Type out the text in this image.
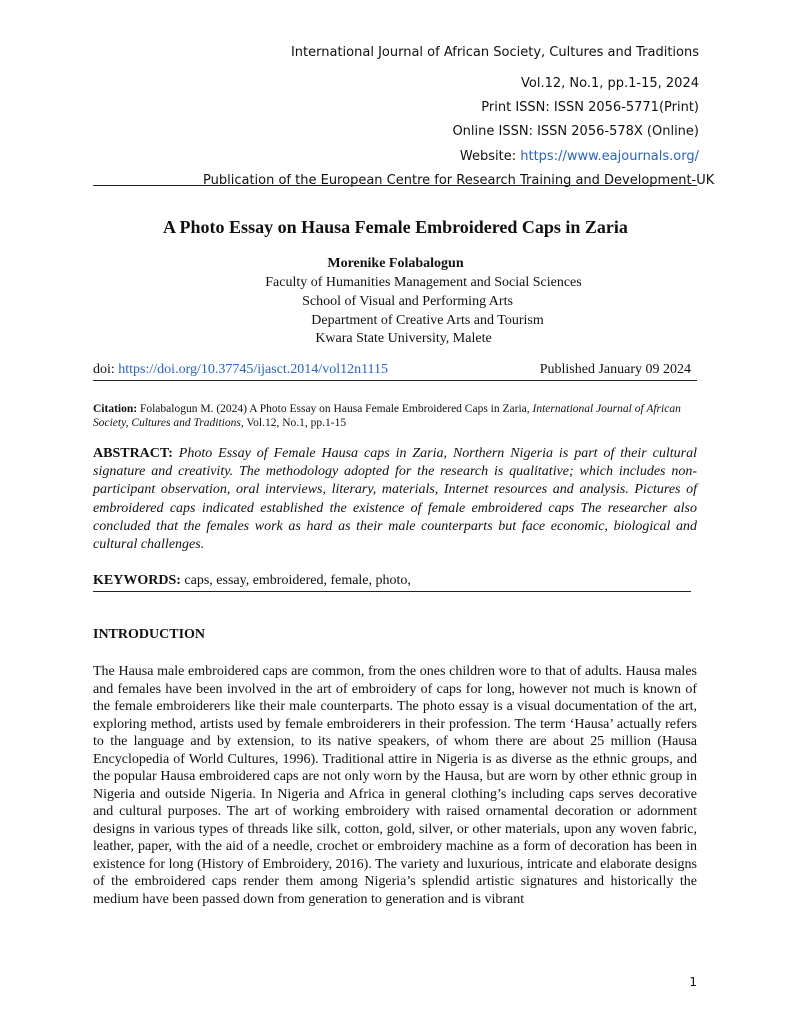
International Journal of African Society, Cultures and Traditions
Vol.12, No.1, pp.1-15, 2024
Print ISSN: ISSN 2056-5771(Print)
Online ISSN: ISSN 2056-578X (Online)
Website: https://www.eajournals.org/
Publication of the European Centre for Research Training and Development-UK
A Photo Essay on Hausa Female Embroidered Caps in Zaria
Morenike Folabalogun
Faculty of Humanities Management and Social Sciences
School of Visual and Performing Arts
Department of Creative Arts and Tourism
Kwara State University, Malete
doi: https://doi.org/10.37745/ijasct.2014/vol12n1115	Published January 09 2024
Citation: Folabalogun M. (2024) A Photo Essay on Hausa Female Embroidered Caps in Zaria, International Journal of African Society, Cultures and Traditions, Vol.12, No.1, pp.1-15
ABSTRACT: Photo Essay of Female Hausa caps in Zaria, Northern Nigeria is part of their cultural signature and creativity. The methodology adopted for the research is qualitative; which includes non-participant observation, oral interviews, literary, materials, Internet resources and analysis. Pictures of embroidered caps indicated established the existence of female embroidered caps The researcher also concluded that the females work as hard as their male counterparts but face economic, biological and cultural challenges.
KEYWORDS: caps, essay, embroidered, female, photo,
INTRODUCTION
The Hausa male embroidered caps are common, from the ones children wore to that of adults. Hausa males and females have been involved in the art of embroidery of caps for long, however not much is known of the female embroiderers like their male counterparts. The photo essay is a visual documentation of the art, exploring method, artists used by female embroiderers in their profession. The term ‘Hausa’ actually refers to the language and by extension, to its native speakers, of whom there are about 25 million (Hausa Encyclopedia of World Cultures, 1996). Traditional attire in Nigeria is as diverse as the ethnic groups, and the popular Hausa embroidered caps are not only worn by the Hausa, but are worn by other ethnic group in Nigeria and outside Nigeria. In Nigeria and Africa in general clothing’s including caps serves decorative and cultural purposes. The art of working embroidery with raised ornamental decoration or adornment designs in various types of threads like silk, cotton, gold, silver, or other materials, upon any woven fabric, leather, paper, with the aid of a needle, crochet or embroidery machine as a form of decoration has been in existence for long (History of Embroidery, 2016). The variety and luxurious, intricate and elaborate designs of the embroidered caps render them among Nigeria’s splendid artistic signatures and historically the medium have been passed down from generation to generation and is vibrant
1
